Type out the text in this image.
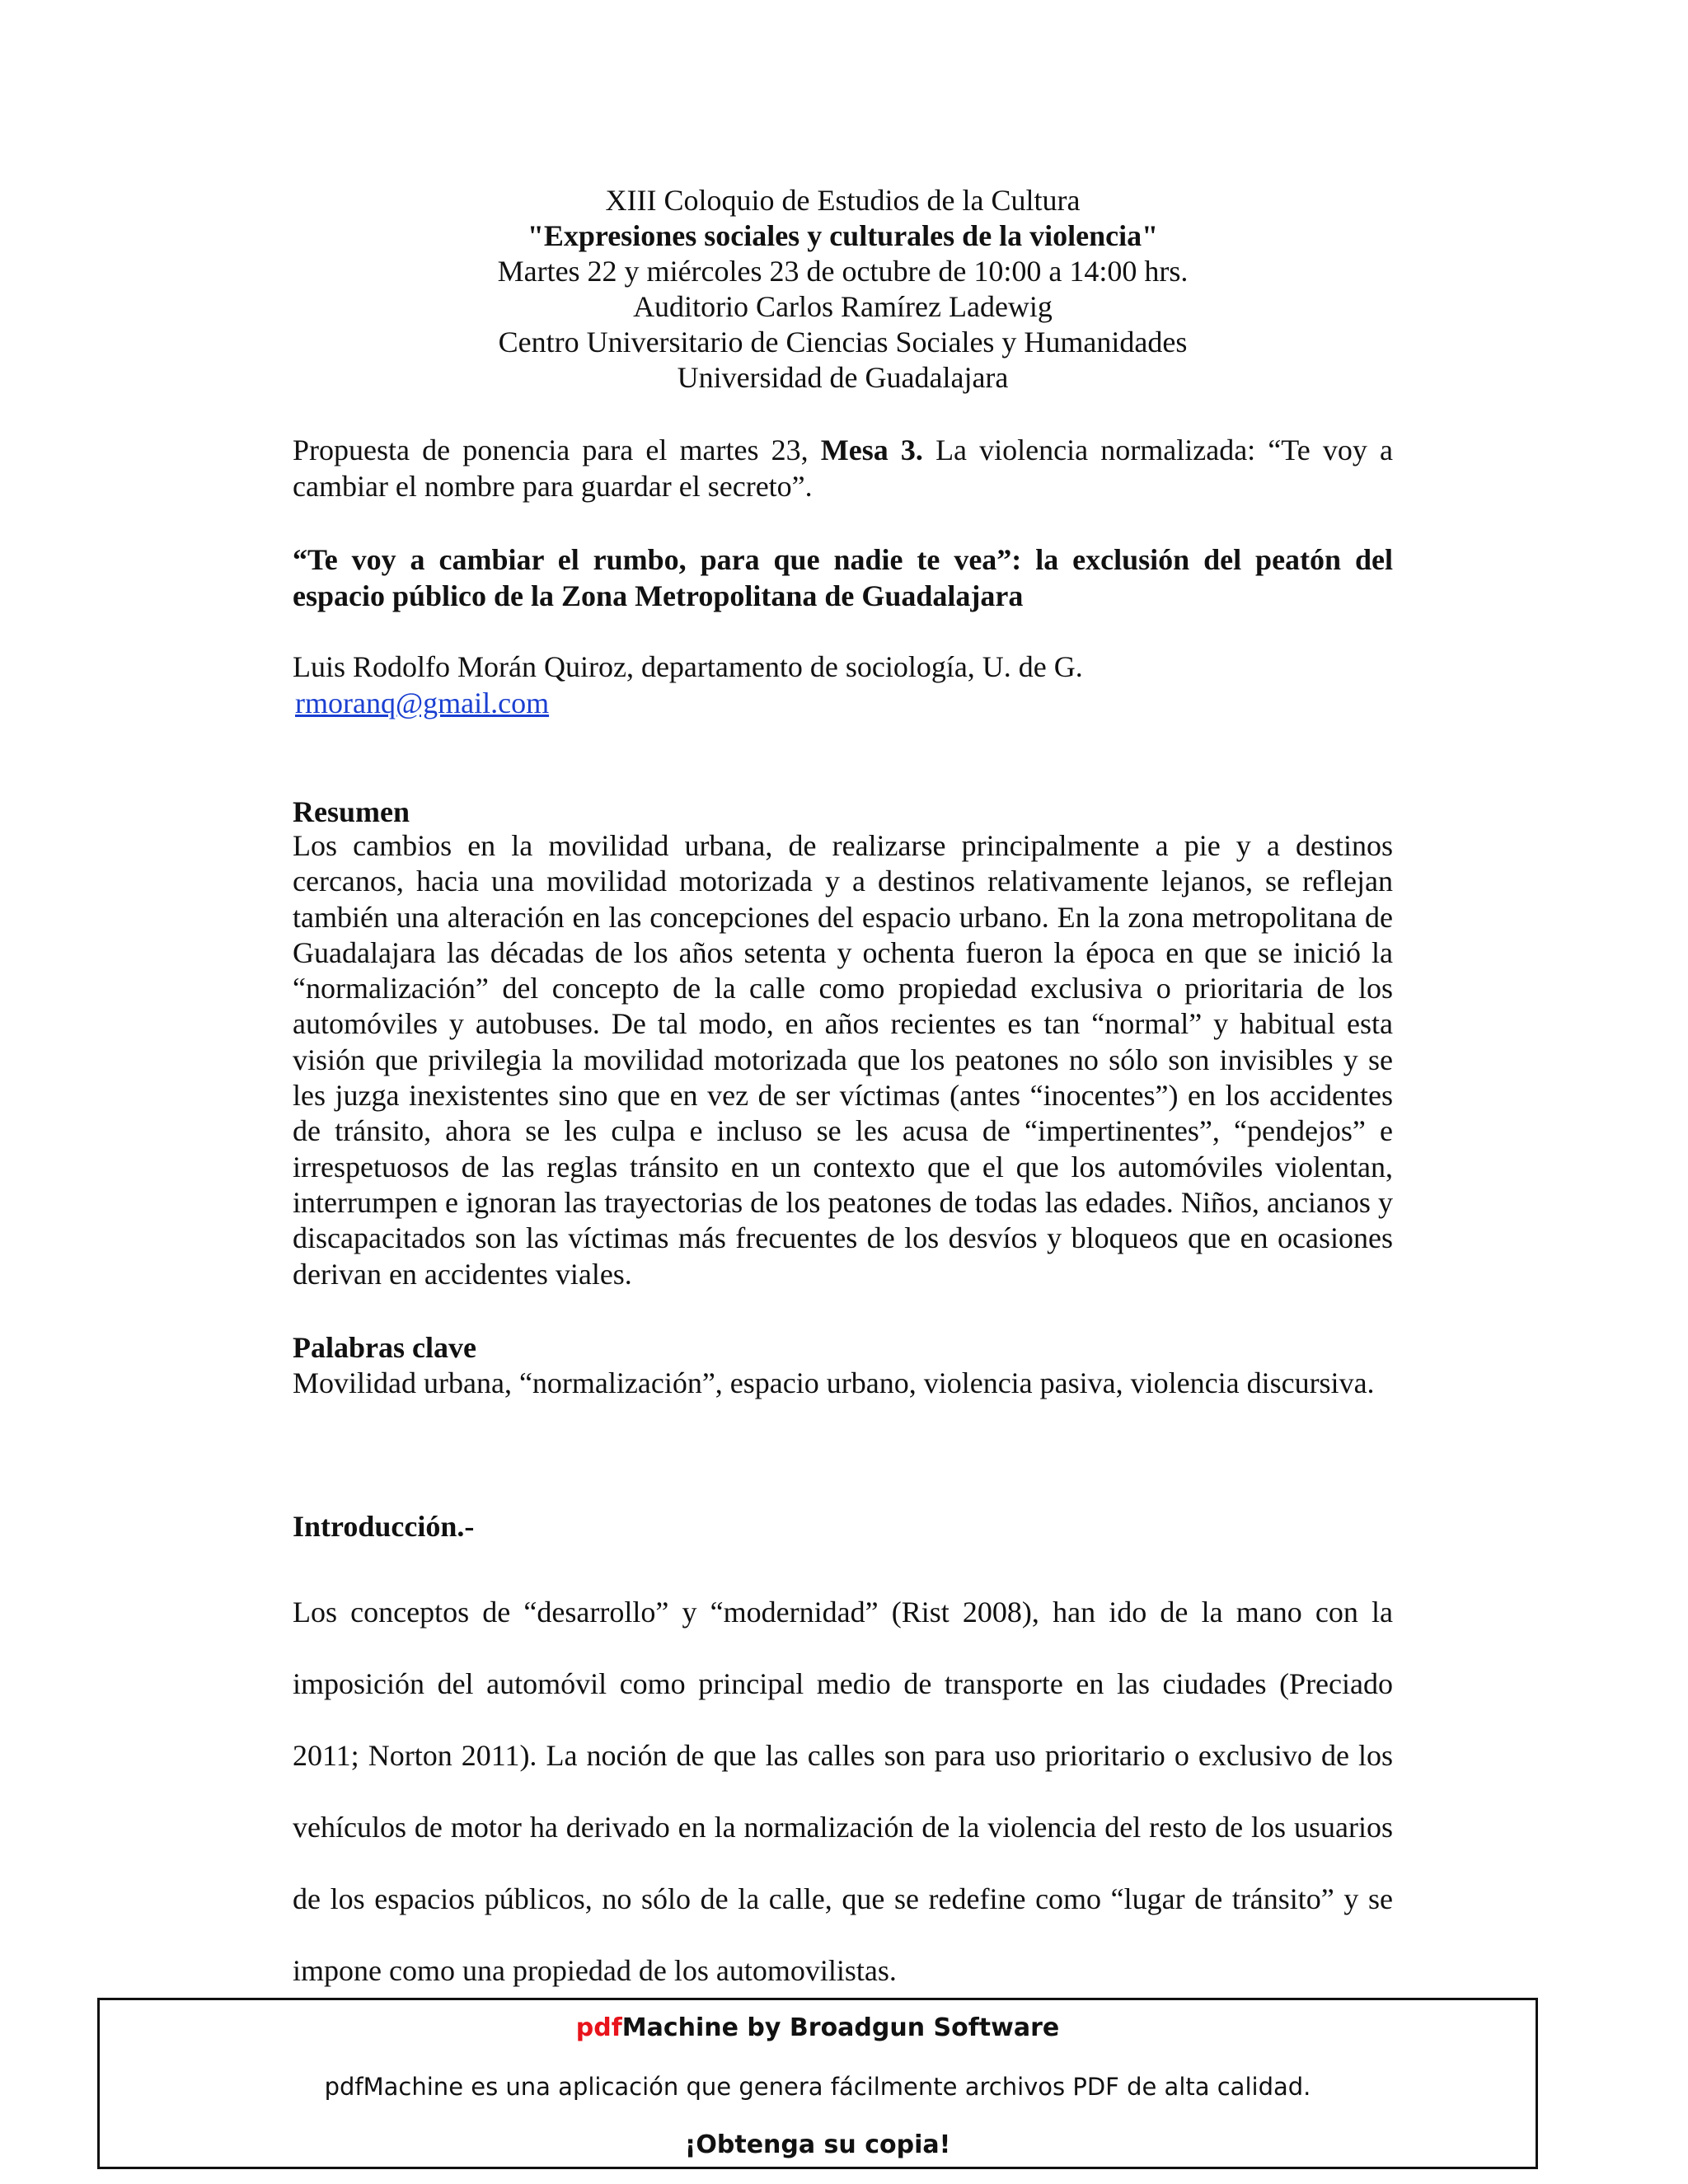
XIII Coloquio de Estudios de la Cultura
"Expresiones sociales y culturales de la violencia"
Martes 22 y miércoles 23 de octubre de 10:00 a 14:00 hrs.
Auditorio Carlos Ramírez Ladewig
Centro Universitario de Ciencias Sociales y Humanidades
Universidad de Guadalajara
Propuesta de ponencia para el martes 23, Mesa 3. La violencia normalizada: “Te voy a cambiar el nombre para guardar el secreto”.
“Te voy a cambiar el rumbo, para que nadie te vea”: la exclusión del peatón del espacio público de la Zona Metropolitana de Guadalajara
Luis Rodolfo Morán Quiroz, departamento de sociología, U. de G.
rmoranq@gmail.com
Resumen
Los cambios en la movilidad urbana, de realizarse principalmente a pie y a destinos cercanos, hacia una movilidad motorizada y a destinos relativamente lejanos, se reflejan también una alteración en las concepciones del espacio urbano. En la zona metropolitana de Guadalajara las décadas de los años setenta y ochenta fueron la época en que se inició la “normalización” del concepto de la calle como propiedad exclusiva o prioritaria de los automóviles y autobuses. De tal modo, en años recientes es tan “normal” y habitual esta visión que privilegia la movilidad motorizada que los peatones no sólo son invisibles y se les juzga inexistentes sino que en vez de ser víctimas (antes “inocentes”) en los accidentes de tránsito, ahora se les culpa e incluso se les acusa de “impertinentes”, “pendejos” e irrespetuosos de las reglas tránsito en un contexto que el que los automóviles violentan, interrumpen e ignoran las trayectorias de los peatones de todas las edades. Niños, ancianos y discapacitados son las víctimas más frecuentes de los desvíos y bloqueos que en ocasiones derivan en accidentes viales.
Palabras clave
Movilidad urbana, “normalización”, espacio urbano, violencia pasiva, violencia discursiva.
Introducción.-
Los conceptos de “desarrollo” y “modernidad” (Rist 2008), han ido de la mano con la imposición del automóvil como principal medio de transporte en las ciudades (Preciado 2011; Norton 2011). La noción de que las calles son para uso prioritario o exclusivo de los vehículos de motor ha derivado en la normalización de la violencia del resto de los usuarios de los espacios públicos, no sólo de la calle, que se redefine como “lugar de tránsito” y se impone como una propiedad de los automovilistas.
pdfMachine by Broadgun Software
pdfMachine es una aplicación que genera fácilmente archivos PDF de alta calidad.
¡Obtenga su copia!
